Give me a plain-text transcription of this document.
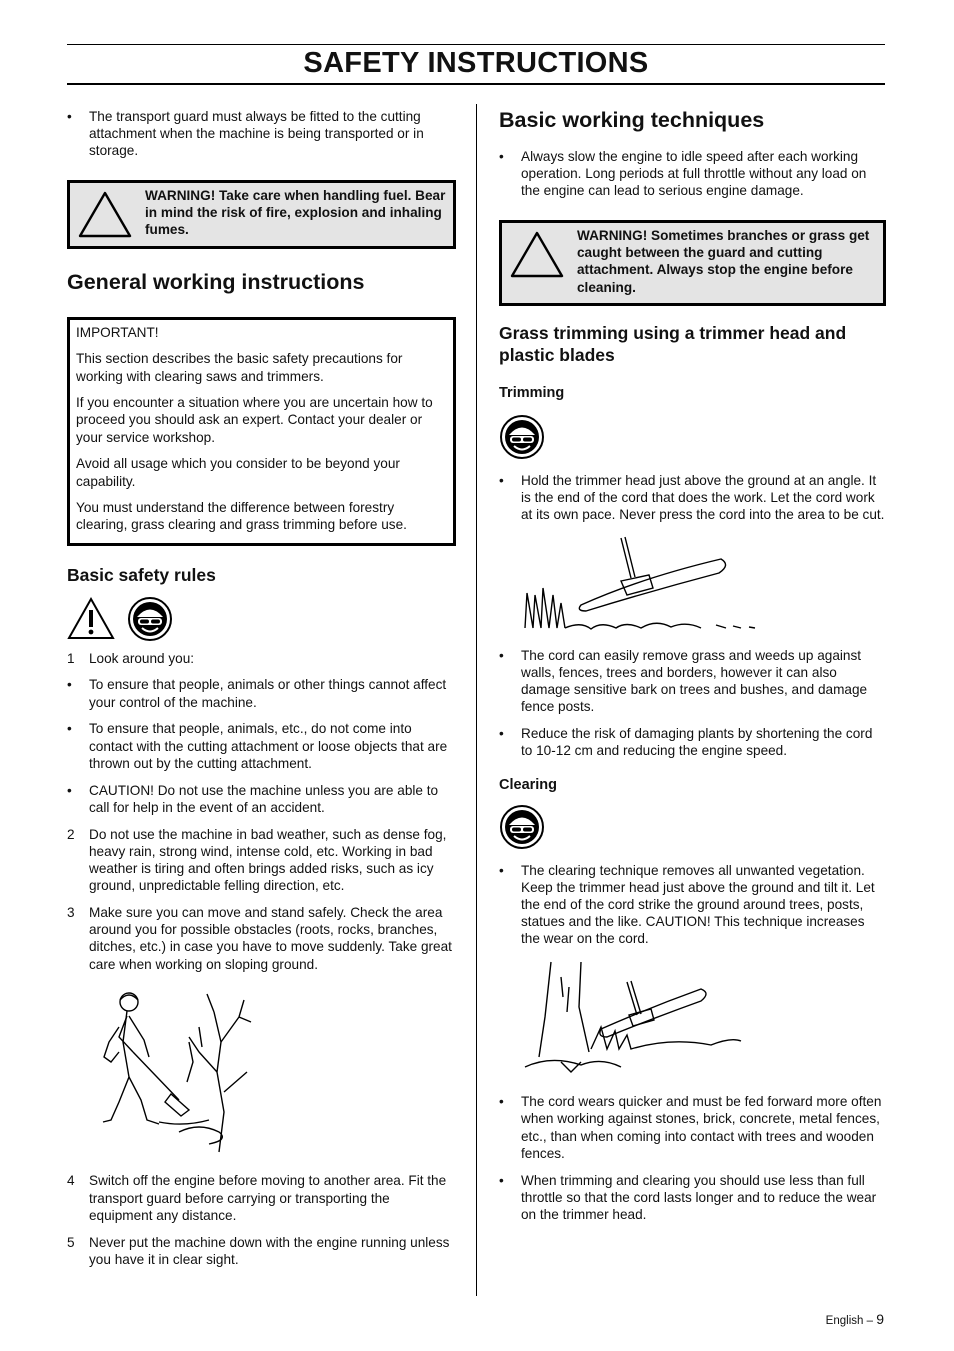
SAFETY INSTRUCTIONS
• The transport guard must always be fitted to the cutting attachment when the machine is being transported or in storage.
WARNING! Take care when handling fuel. Bear in mind the risk of fire, explosion and inhaling fumes.
General working instructions

IMPORTANT!

This section describes the basic safety precautions for working with clearing saws and trimmers.

If you encounter a situation where you are uncertain how to proceed you should ask an expert. Contact your dealer or your service workshop.

Avoid all usage which you consider to be beyond your capability.

You must understand the difference between forestry clearing, grass clearing and grass trimming before use.

Basic safety rules
1 Look around you:
• To ensure that people, animals or other things cannot affect your control of the machine.
• To ensure that people, animals, etc., do not come into contact with the cutting attachment or loose objects that are thrown out by the cutting attachment.
• CAUTION! Do not use the machine unless you are able to call for help in the event of an accident.
2 Do not use the machine in bad weather, such as dense fog, heavy rain, strong wind, intense cold, etc. Working in bad weather is tiring and often brings added risks, such as icy ground, unpredictable felling direction, etc.
3 Make sure you can move and stand safely. Check the area around you for possible obstacles (roots, rocks, branches, ditches, etc.) in case you have to move suddenly. Take great care when working on sloping ground.
4 Switch off the engine before moving to another area. Fit the transport guard before carrying or transporting the equipment any distance.
5 Never put the machine down with the engine running unless you have it in clear sight.
Basic working techniques
• Always slow the engine to idle speed after each working operation. Long periods at full throttle without any load on the engine can lead to serious engine damage.
WARNING! Sometimes branches or grass get caught between the guard and cutting attachment. Always stop the engine before cleaning.
Grass trimming using a trimmer head and plastic blades
Trimming
• Hold the trimmer head just above the ground at an angle. It is the end of the cord that does the work. Let the cord work at its own pace. Never press the cord into the area to be cut.
• The cord can easily remove grass and weeds up against walls, fences, trees and borders, however it can also damage sensitive bark on trees and bushes, and damage fence posts.
• Reduce the risk of damaging plants by shortening the cord to 10-12 cm and reducing the engine speed.
Clearing
• The clearing technique removes all unwanted vegetation. Keep the trimmer head just above the ground and tilt it. Let the end of the cord strike the ground around trees, posts, statues and the like. CAUTION! This technique increases the wear on the cord.
• The cord wears quicker and must be fed forward more often when working against stones, brick, concrete, metal fences, etc., than when coming into contact with trees and wooden fences.
• When trimming and clearing you should use less than full throttle so that the cord lasts longer and to reduce the wear on the trimmer head.
English – 9
